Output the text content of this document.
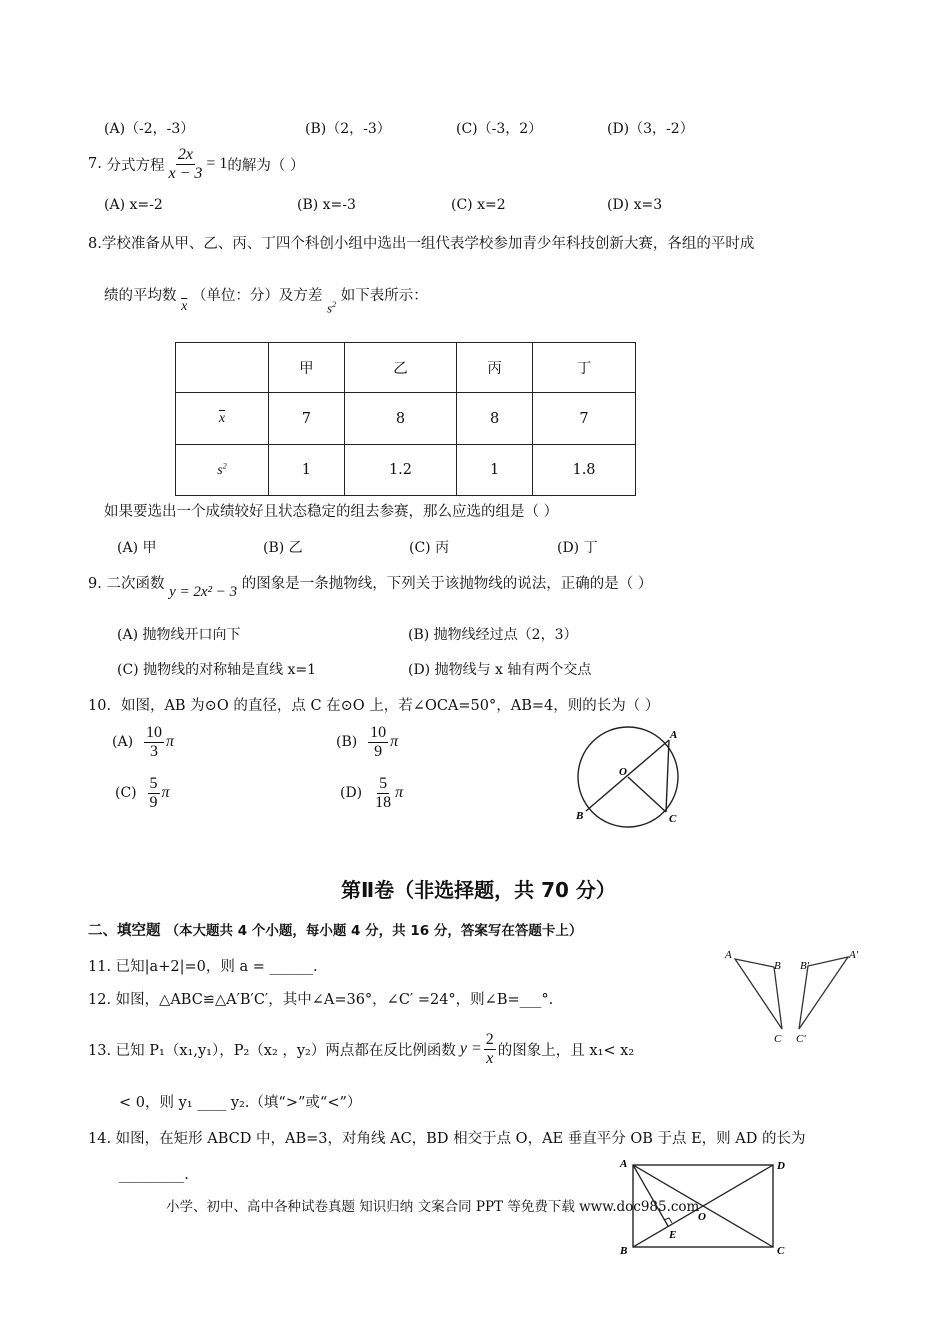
(A)（-2，-3）	(B)（2，-3）	(C)（-3，2）	(D)（3，-2）
7.
分式方程 $\frac{2x}{x - 3} = 1$ 的解为（ ）
(A) x=-2	(B) x=-3	(C) x=2	(D) x=3
8.学校准备从甲、乙、丙、丁四个科创小组中选出一组代表学校参加青少年科技创新大赛，各组的平时成
绩的平均数 $\overline{x}$ （单位：分）及方差 $s^2$ 如下表所示：
	甲	乙	丙	丁
$\overline{x}$	7	8	8	7
$s^2$	1	1.2	1	1.8
如果要选出一个成绩较好且状态稳定的组去参赛，那么应选的组是（ ）
(A) 甲	(B) 乙	(C) 丙	(D) 丁
9. 二次函数 y = 2x² − 3 的图象是一条抛物线，下列关于该抛物线的说法，正确的是（ ）
(A) 抛物线开口向下	(B) 抛物线经过点（2，3）
(C) 抛物线的对称轴是直线 x=1	(D) 抛物线与 x 轴有两个交点
10．如图，AB 为⊙O 的直径，点 C 在⊙O 上，若∠OCA=50°，AB=4，则的长为（ ）
(A)
$\frac{10}{3}$ π	(B)
$\frac{10}{9}$ π
(C)
$\frac{5}{9}$ π	(D)
$\frac{5}{18}$ π
A
B	C
O
第Ⅱ卷（非选择题，共 70 分）
二、填空题 （本大题共 4 个小题，每小题 4 分，共 16 分，答案写在答题卡上）
11. 已知|a+2|=0，则 a = ______.
12. 如图，△ABC≌△A′B′C′，其中∠A=36°，∠C′ =24°，则∠B=___°.
A
B
C
A'
B'
C'
13. 已知 P₁（x₁,y₁），P₂（x₂ ，y₂）两点都在反比例函数 $y = \frac{2}{x}$ 的图象上，且 x₁< x₂
< 0，则 y₁ ____ y₂.（填“>”或“<”）
14. 如图，在矩形 ABCD 中，AB=3，对角线 AC，BD 相交于点 O，AE 垂直平分 OB 于点 E，则 AD 的长为
_________.
A	D
B	C
O
E
小学、初中、高中各种试卷真题 知识归纳 文案合同 PPT 等免费下载 www.doc985.com
